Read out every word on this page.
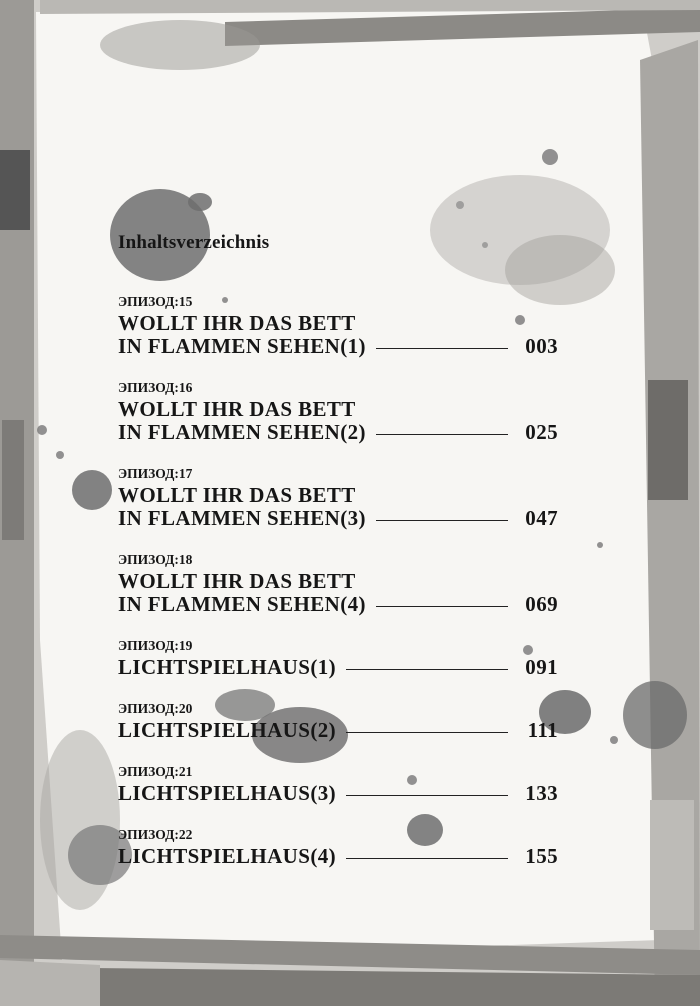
Inhaltsverzeichnis
ЭПИЗОД:15
WOLLT IHR DAS BETT
IN FLAMMEN SEHEN(1)	003
ЭПИЗОД:16
WOLLT IHR DAS BETT
IN FLAMMEN SEHEN(2)	025
ЭПИЗОД:17
WOLLT IHR DAS BETT
IN FLAMMEN SEHEN(3)	047
ЭПИЗОД:18
WOLLT IHR DAS BETT
IN FLAMMEN SEHEN(4)	069
ЭПИЗОД:19
LICHTSPIELHAUS(1)	091
ЭПИЗОД:20
LICHTSPIELHAUS(2)	111
ЭПИЗОД:21
LICHTSPIELHAUS(3)	133
ЭПИЗОД:22
LICHTSPIELHAUS(4)	155
